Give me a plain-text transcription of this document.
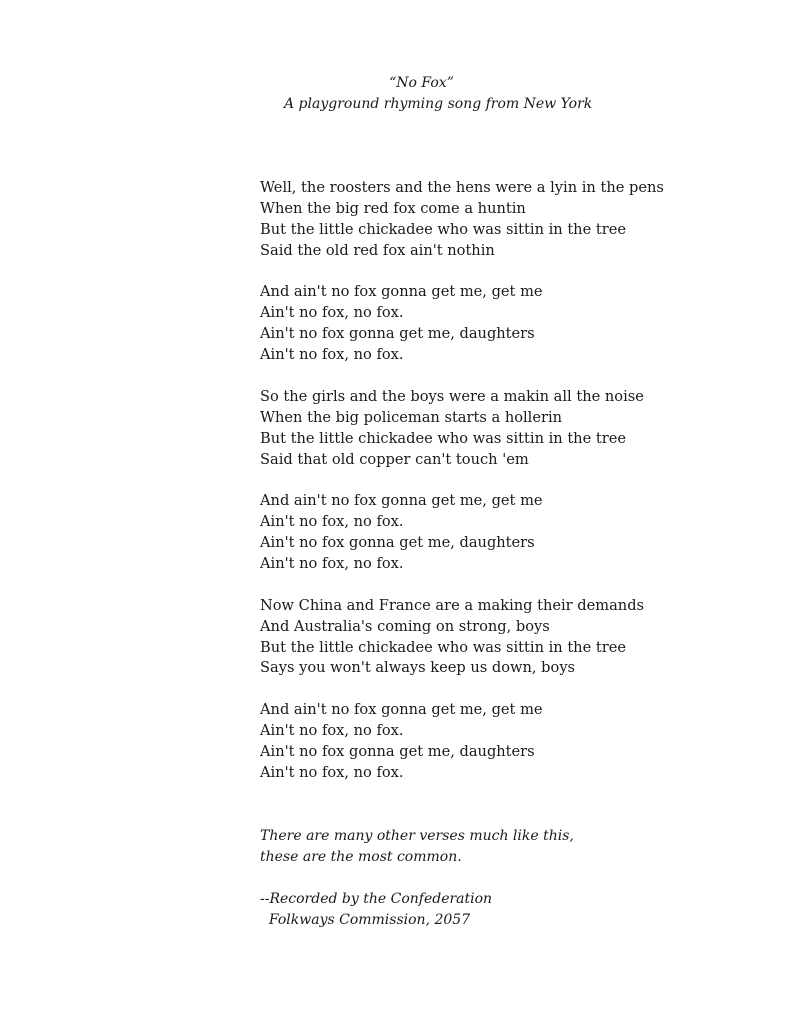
“No Fox”
A playground rhyming song from New York
Well, the roosters and the hens were a lyin in the pens
When the big red fox come a huntin
But the little chickadee who was sittin in the tree
Said the old red fox ain't nothin
And ain't no fox gonna get me, get me
Ain't no fox, no fox.
Ain't no fox gonna get me, daughters
Ain't no fox, no fox.
So the girls and the boys were a makin all the noise
When the big policeman starts a hollerin
But the little chickadee who was sittin in the tree
Said that old copper can't touch 'em
And ain't no fox gonna get me, get me
Ain't no fox, no fox.
Ain't no fox gonna get me, daughters
Ain't no fox, no fox.
Now China and France are a making their demands
And Australia's coming on strong, boys
But the little chickadee who was sittin in the tree
Says you won't always keep us down, boys
And ain't no fox gonna get me, get me
Ain't no fox, no fox.
Ain't no fox gonna get me, daughters
Ain't no fox, no fox.
There are many other verses much like this,
these are the most common.
--Recorded by the Confederation
Folkways Commission, 2057
